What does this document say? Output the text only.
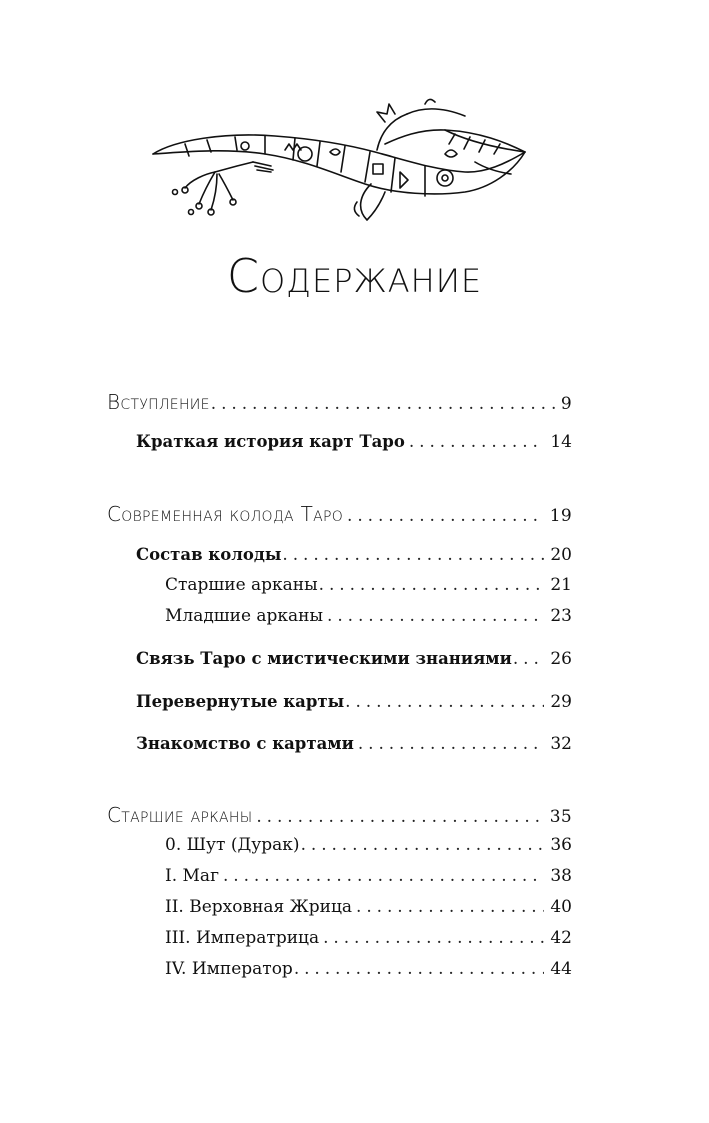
Содержание
Вступление . . .	9
Краткая история карт Таро . . .	14
Современная колода Таро . . .	19
Состав колоды . . .	20
Старшие арканы . . .	21
Младшие арканы . . .	23
Связь Таро с мистическими знаниями . . . 26
Перевернутые карты . . .	29
Знакомство с картами . . .	32
Старшие арканы . . .	35
0. Шут (Дурак) . . .	36
I. Маг . . .	38
II. Верховная Жрица . . .	40
III. Императрица . . .	42
IV. Император . . .	44
